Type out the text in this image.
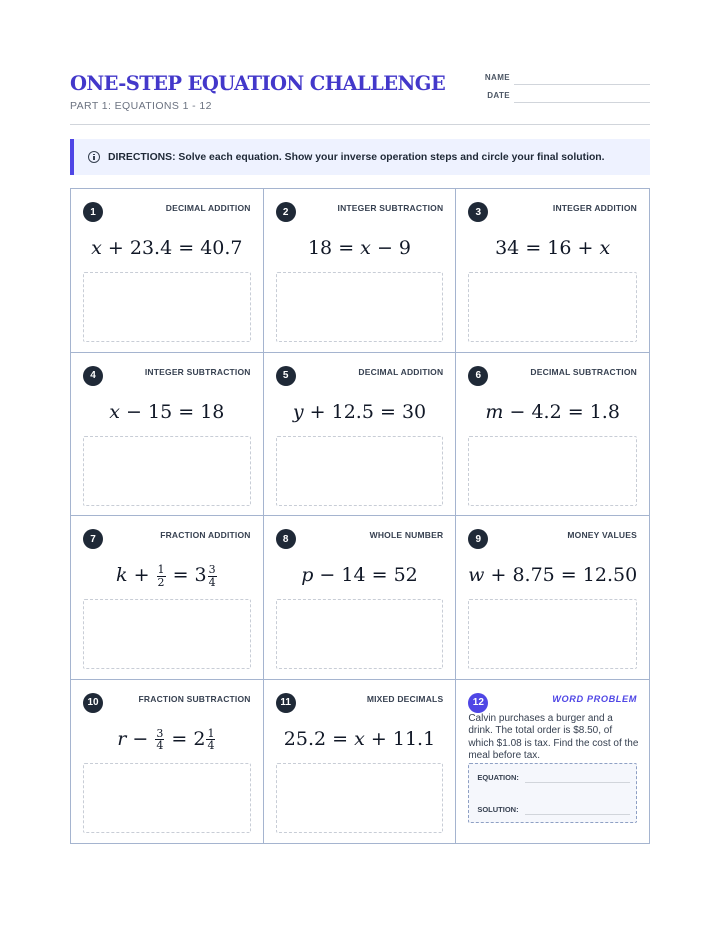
ONE-STEP EQUATION CHALLENGE
PART 1: EQUATIONS 1 - 12
NAME
DATE
DIRECTIONS: Solve each equation. Show your inverse operation steps and circle your final solution.
1	DECIMAL ADDITION
x + 23.4 = 40.7
2	INTEGER SUBTRACTION
18 = x − 9
3	INTEGER ADDITION
34 = 16 + x
4	INTEGER SUBTRACTION
x − 15 = 18
5	DECIMAL ADDITION
y + 12.5 = 30
6	DECIMAL SUBTRACTION
m − 4.2 = 1.8
7	FRACTION ADDITION
$k + \frac{1}{2} = 3 \frac{3}{4}$
8	WHOLE NUMBER
p − 14 = 52
9	MONEY VALUES
w + 8.75 = 12.50
10	FRACTION SUBTRACTION
$r - \frac{3}{4} = 2 \frac{1}{4}$
11	MIXED DECIMALS
25.2 = x + 11.1
12	WORD PROBLEM
Calvin purchases a burger and a drink. The total order is $8.50, of which $1.08 is tax. Find the cost of the meal before tax.
EQUATION:
SOLUTION:
